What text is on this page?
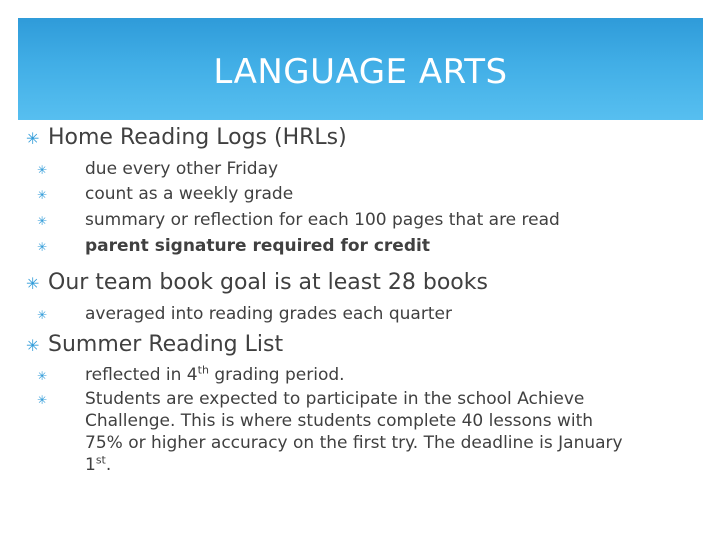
LANGUAGE ARTS
✳ Home Reading Logs (HRLs)
✳ due every other Friday
✳ count as a weekly grade
✳ summary or reflection for each 100 pages that are read
✳ parent signature required for credit
✳ Our team book goal is at least 28 books
✳ averaged into reading grades each quarter
✳ Summer Reading List
✳ reflected in 4th grading period.
✳ Students are expected to participate in the school Achieve Challenge. This is where students complete 40 lessons with 75% or higher accuracy on the first try. The deadline is January 1st.
